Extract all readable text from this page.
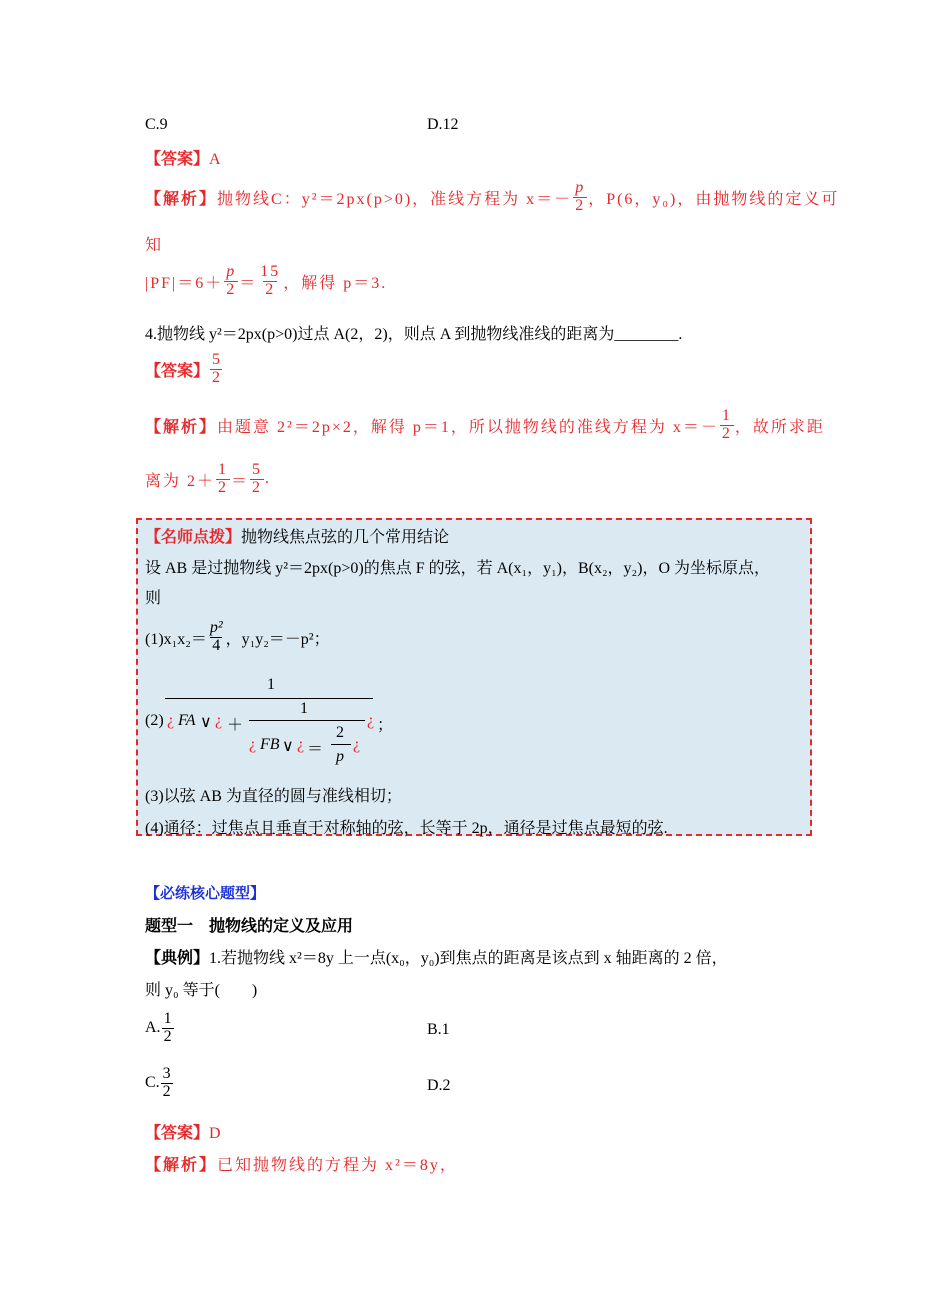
C.9	D.12
【答案】A
【解析】 抛物线 C：y²＝2px(p>0)，准线方程为 $x=- \frac{p}{2}$ ，P(6，y₀)，由抛物线的定义可
知
$|PF|=6+ \frac{p}{2} = \frac{15}{2}$ ，解得 p＝3.
4.抛物线 y²＝2px(p>0)过点 A(2，2)，则点 A 到抛物线准线的距离为________.
【答案】 $\frac{5}{2}$
【解析】 由题意 2²＝2p×2，解得 p＝1，所以抛物线的准线方程为 $x=- \frac{1}{2}$ ，故所求距
离为 $2+ \frac{1}{2} = \frac{5}{2}$ .
【名师点拨】抛物线焦点弦的几个常用结论
设 AB 是过抛物线 y²＝2px(p>0)的焦点 F 的弦，若 A(x₁，y₁)，B(x₂，y₂)，O 为坐标原点，
则
$(1)x_1x_2= \frac{\text{p²}}{4}$ ，y₁y₂＝－p²；
1
(2) ¿ FA ∨ ¿ ＋
1
¿ FB ∨ ¿ ＝
2
p
¿
¿ ；
(3)以弦 AB 为直径的圆与准线相切；
(4)通径：过焦点且垂直于对称轴的弦，长等于 2p，通径是过焦点最短的弦.
【必练核心题型】
题型一　抛物线的定义及应用
【典例】1.若抛物线 x²＝8y 上一点(x₀，y₀)到焦点的距离是该点到 x 轴距离的 2 倍，
则 y₀ 等于(　　)
A. $\frac{1}{2}$	B.1
C. $\frac{3}{2}$	D.2
【答案】D
【解析】已知抛物线的方程为 x²＝8y，
